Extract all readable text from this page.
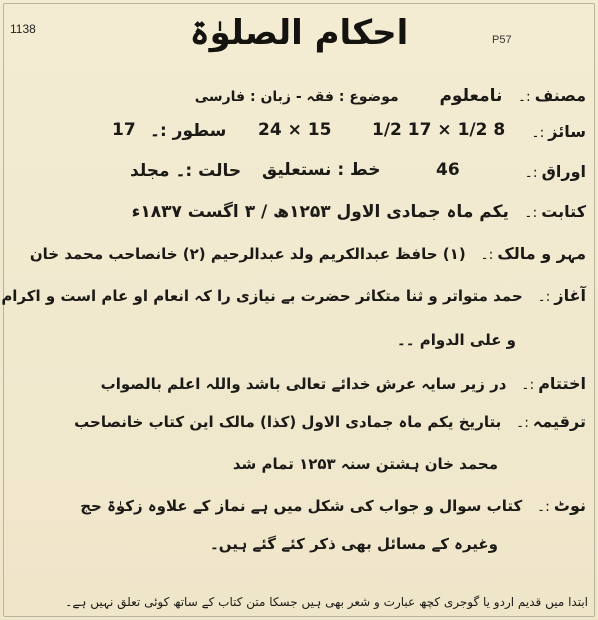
1138
P57
احکام الصلوٰۃ
مصنف:۔ نامعلوم  موضوع : فقہ - زبان : فارسی
سائز:۔
8 1/2 × 17 1/2
15 × 24
سطور :۔
17
اوراق:۔
46
خط : نستعلیق
حالت :۔ مجلد
کتابت:۔ یکم ماہ جمادی الاول ۱۲۵۳ھ / ۳ اگست ۱۸۳۷ء
مہر و مالک:۔ (۱) حافظ عبدالکریم ولد عبدالرحیم (۲) خانصاحب محمد خان
آغاز:۔ حمد متواتر و ثنا متکاثر حضرت بے نیازی را کہ انعام او عام است و اکرام
و علی الدوام ۔۔
اختتام:۔ در زیر سایہ عرش خدائے تعالی باشد واللہ اعلم بالصواب
ترقیمہ:۔ بتاریخ یکم ماہ جمادی الاول (کذا) مالک این کتاب خانصاحب
محمد خان ہشتن سنہ ۱۲۵۳ تمام شد
نوٹ:۔ کتاب سوال و جواب کی شکل میں ہے نماز کے علاوہ زکوٰۃ حج
وغیرہ کے مسائل بھی ذکر کئے گئے ہیں۔
ابتدا میں قدیم اردو یا گوجری کچھ عبارت و شعر بھی ہیں جسکا متن کتاب کے ساتھ کوئی تعلق نہیں ہے۔
